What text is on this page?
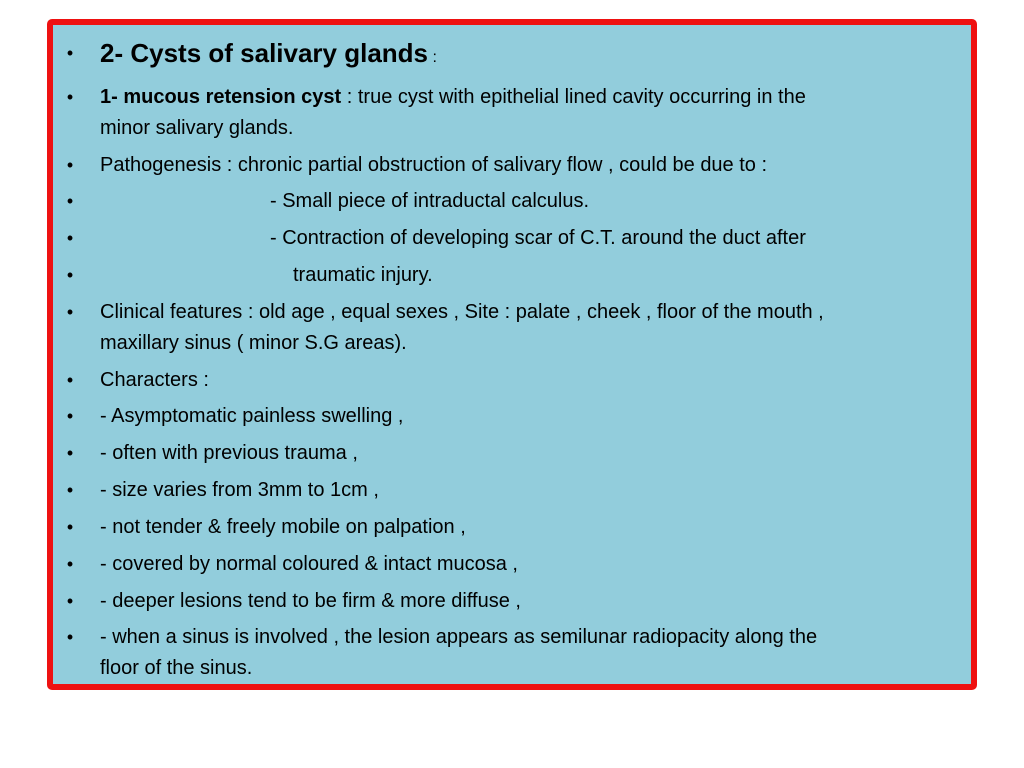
• 2- Cysts of salivary glands :
• 1- mucous retension cyst : true cyst with epithelial lined cavity occurring in the
minor salivary glands.
• Pathogenesis : chronic partial obstruction of salivary flow , could be due to :
•	- Small piece of intraductal calculus.
•	- Contraction of developing scar of C.T. around the duct after
•	traumatic injury.
• Clinical features : old age , equal sexes , Site : palate , cheek , floor of the mouth ,
maxillary sinus ( minor S.G areas).
• Characters :
• - Asymptomatic painless swelling ,
• - often with previous trauma ,
• - size varies from 3mm to 1cm ,
• - not tender & freely mobile on palpation ,
• - covered by normal coloured & intact mucosa ,
• - deeper lesions tend to be firm & more diffuse ,
• - when a sinus is involved , the lesion appears as semilunar radiopacity along the
floor of the sinus.
